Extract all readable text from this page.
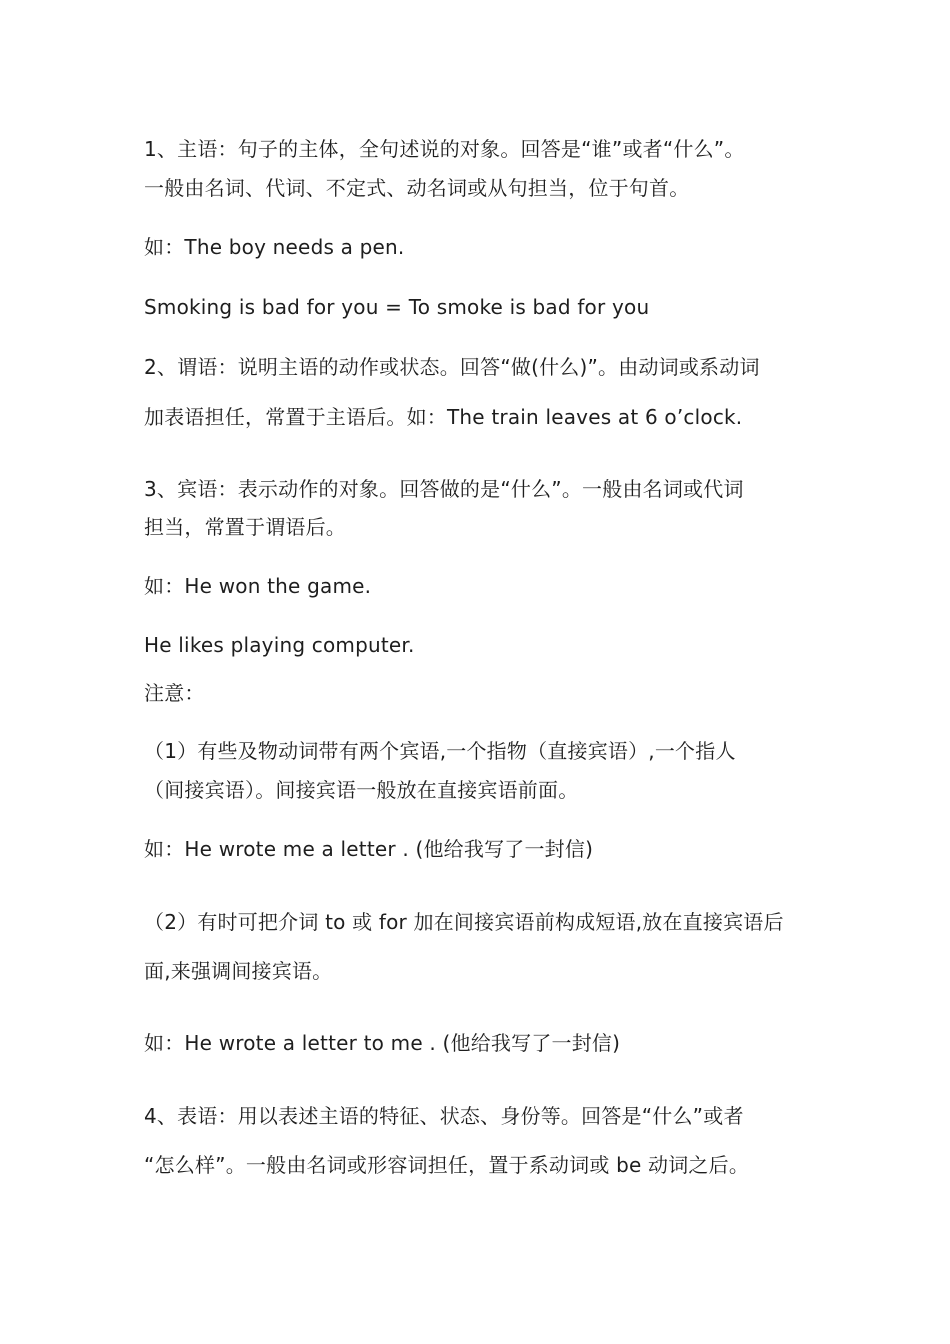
1、主语：句子的主体，全句述说的对象。回答是“谁”或者“什么”。
一般由名词、代词、不定式、动名词或从句担当，位于句首。
如：The boy needs a pen.
Smoking is bad for you = To smoke is bad for you
2、谓语：说明主语的动作或状态。回答“做(什么)”。由动词或系动词
加表语担任，常置于主语后。如：The train leaves at 6 o’clock.
3、宾语：表示动作的对象。回答做的是“什么”。一般由名词或代词
担当，常置于谓语后。
如：He won the game.
He likes playing computer.
注意：
（1）有些及物动词带有两个宾语,一个指物（直接宾语）,一个指人
（间接宾语）。间接宾语一般放在直接宾语前面。
如：He wrote me a letter . (他给我写了一封信)
（2）有时可把介词 to 或 for 加在间接宾语前构成短语,放在直接宾语后
面,来强调间接宾语。
如：He wrote a letter to me . (他给我写了一封信)
4、表语：用以表述主语的特征、状态、身份等。回答是“什么”或者
“怎么样”。一般由名词或形容词担任，置于系动词或 be 动词之后。
